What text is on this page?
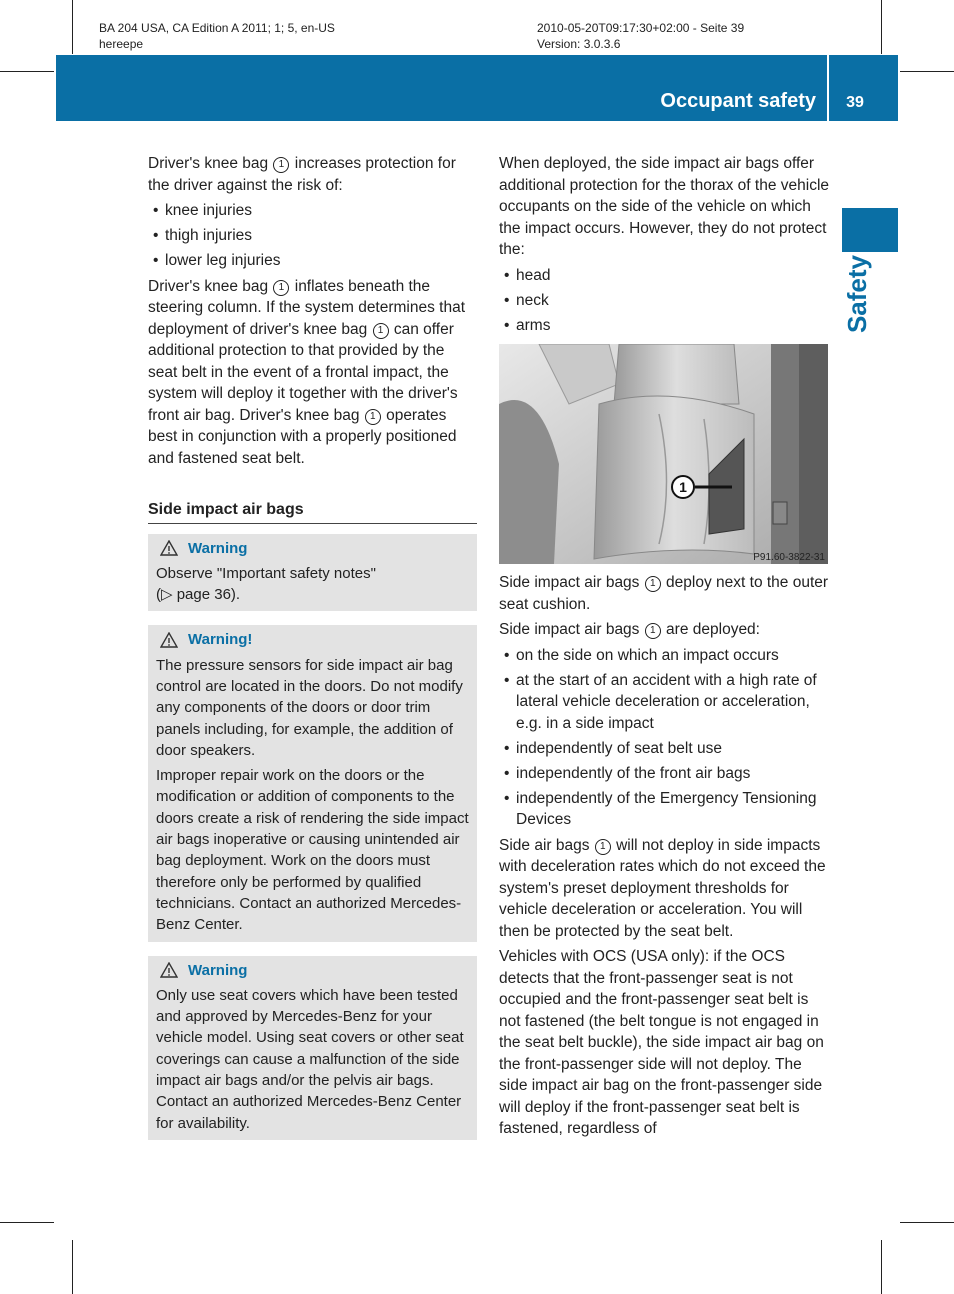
BA 204 USA, CA Edition A 2011; 1; 5, en-US
hereepe
2010-05-20T09:17:30+02:00 - Seite 39
Version: 3.0.3.6
Occupant safety	39
Safety

Driver's knee bag 1 increases protection for the driver against the risk of:

• knee injuries
• thigh injuries
• lower leg injuries

Driver's knee bag 1 inflates beneath the steering column. If the system determines that deployment of driver's knee bag 1 can offer additional protection to that provided by the seat belt in the event of a frontal impact, the system will deploy it together with the driver's front air bag. Driver's knee bag 1 operates best in conjunction with a properly positioned and fastened seat belt.

Side impact air bags
Warning

Observe "Important safety notes"
(▷ page 36).

Warning!

The pressure sensors for side impact air bag control are located in the doors. Do not modify any components of the doors or door trim panels including, for example, the addition of door speakers.

Improper repair work on the doors or the modification or addition of components to the doors create a risk of rendering the side impact air bags inoperative or causing unintended air bag deployment. Work on the doors must therefore only be performed by qualified technicians. Contact an authorized Mercedes-Benz Center.

Warning

Only use seat covers which have been tested and approved by Mercedes-Benz for your vehicle model. Using seat covers or other seat coverings can cause a malfunction of the side impact air bags and/or the pelvis air bags. Contact an authorized Mercedes-Benz Center for availability.

When deployed, the side impact air bags offer additional protection for the thorax of the vehicle occupants on the side of the vehicle on which the impact occurs. However, they do not protect the:

• head
• neck
• arms
1
P91.60-3822-31

Side impact air bags 1 deploy next to the outer seat cushion.

Side impact air bags 1 are deployed:

• on the side on which an impact occurs
• at the start of an accident with a high rate of lateral vehicle deceleration or acceleration, e.g. in a side impact
• independently of seat belt use
• independently of the front air bags
• independently of the Emergency Tensioning Devices

Side air bags 1 will not deploy in side impacts with deceleration rates which do not exceed the system's preset deployment thresholds for vehicle deceleration or acceleration. You will then be protected by the seat belt.

Vehicles with OCS (USA only): if the OCS detects that the front-passenger seat is not occupied and the front-passenger seat belt is not fastened (the belt tongue is not engaged in the seat belt buckle), the side impact air bag on the front-passenger side will not deploy. The side impact air bag on the front-passenger side will deploy if the front-passenger seat belt is fastened, regardless of
